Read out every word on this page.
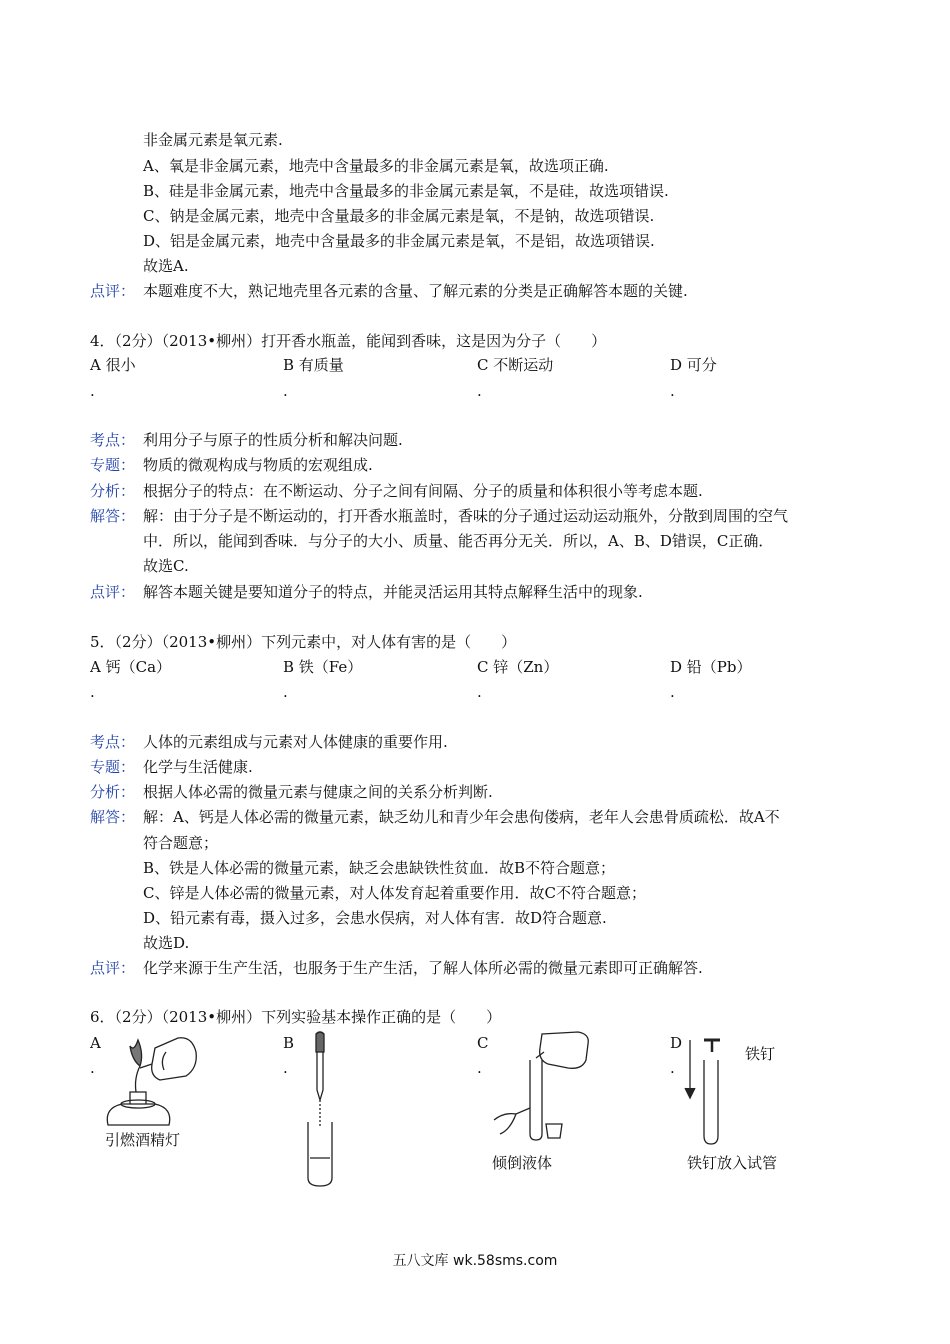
非金属元素是氧元素.
A、氧是非金属元素，地壳中含量最多的非金属元素是氧，故选项正确.
B、硅是非金属元素，地壳中含量最多的非金属元素是氧，不是硅，故选项错误.
C、钠是金属元素，地壳中含量最多的非金属元素是氧，不是钠，故选项错误.
D、铝是金属元素，地壳中含量最多的非金属元素是氧，不是铝，故选项错误.
故选A.
点评： 本题难度不大，熟记地壳里各元素的含量、了解元素的分类是正确解答本题的关键.
4．（2分）（2013•柳州）打开香水瓶盖，能闻到香味，这是因为分子（　　）
A 很小	B 有质量	C 不断运动	D 可分
.	.	.	.
考点： 利用分子与原子的性质分析和解决问题.
专题： 物质的微观构成与物质的宏观组成.
分析： 根据分子的特点：在不断运动、分子之间有间隔、分子的质量和体积很小等考虑本题.
解答： 解：由于分子是不断运动的，打开香水瓶盖时，香味的分子通过运动运动瓶外，分散到周围的空气
中．所以，能闻到香味．与分子的大小、质量、能否再分无关．所以，A、B、D错误，C正确．
故选C.
点评： 解答本题关键是要知道分子的特点，并能灵活运用其特点解释生活中的现象.
5．（2分）（2013•柳州）下列元素中，对人体有害的是（　　）
A 钙（Ca）	B 铁（Fe）	C 锌（Zn）	D 铅（Pb）
.	.	.	.
考点： 人体的元素组成与元素对人体健康的重要作用.
专题： 化学与生活健康.
分析： 根据人体必需的微量元素与健康之间的关系分析判断.
解答： 解：A、钙是人体必需的微量元素，缺乏幼儿和青少年会患佝偻病，老年人会患骨质疏松．故A不
符合题意；
B、铁是人体必需的微量元素，缺乏会患缺铁性贫血．故B不符合题意；
C、锌是人体必需的微量元素，对人体发育起着重要作用．故C不符合题意；
D、铅元素有毒，摄入过多，会患水俣病，对人体有害．故D符合题意.
故选D.
点评： 化学来源于生产生活，也服务于生产生活，了解人体所必需的微量元素即可正确解答.
6．（2分）（2013•柳州）下列实验基本操作正确的是（　　）
A	B	C	D
.	.	.	.
引燃酒精灯
倾倒液体
铁钉
铁钉放入试管
五八文库 wk.58sms.com
